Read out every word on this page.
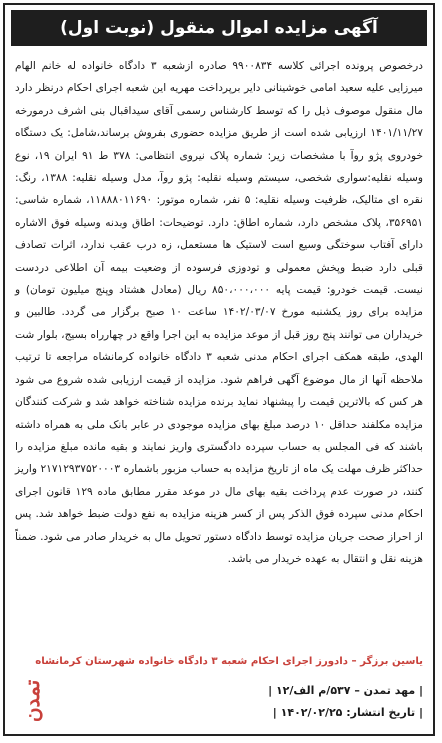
آگهی مزایده اموال منقول (نوبت اول)

درخصوص پرونده اجرائی کلاسه ۹۹۰۰۸۳۴ صادره ازشعبه ۳ دادگاه خانواده له خانم الهام میرزایی علیه سعید امامی خوشینانی دایر برپرداخت مهریه این شعبه اجرای احکام درنظر دارد مال منقول موصوف ذیل را که توسط کارشناس رسمی آقای سیداقبال بنی اشرف درمورخه ۱۴۰۱/۱۱/۲۷ ارزیابی شده است از طریق مزایده حضوری بفروش برساند،شامل: یک دستگاه خودروی پژو روآ با مشخصات زیر: شماره پلاک نیروی انتظامی: ۳۷۸ ط ۹۱ ایران ۱۹، نوع وسیله نقلیه:سواری شخصی، سیستم وسیله نقلیه: پژو روآ، مدل وسیله نقلیه: ۱۳۸۸، رنگ: نقره ای متالیک، ظرفیت وسیله نقلیه: ۵ نفر، شماره موتور: ۱۱۸۸۸۰۱۱۶۹۰، شماره شاسی: ۳۵۶۹۵۱، پلاک مشخص دارد، شماره اطاق: دارد. توضیحات: اطاق وبدنه وسیله فوق الاشاره دارای آفتاب سوختگی وسیع است لاستیک ها مستعمل، زه درب عقب ندارد، اثرات تصادف قبلی دارد ضبط وپخش معمولی و تودوزی فرسوده از وضعیت بیمه آن اطلاعی دردست نیست. قیمت خودرو: قیمت پایه ۸۵۰،۰۰۰،۰۰۰ ریال (معادل هشتاد وپنج میلیون تومان) و مزایده برای روز یکشنبه مورخ ۱۴۰۲/۰۳/۰۷ ساعت ۱۰ صبح برگزار می گردد. طالبین و خریداران می توانند پنج روز قبل از موعد مزایده به این اجرا واقع در چهارراه بسیج، بلوار شت الهدی، طبقه همکف اجرای احکام مدنی شعبه ۳ دادگاه خانواده کرمانشاه مراجعه تا ترتیب ملاحظه آنها از مال موضوع آگهی فراهم شود. مزایده از قیمت ارزیابی شده شروع می شود هر کس که بالاترین قیمت را پیشنهاد نماید برنده مزایده شناخته خواهد شد و شرکت کنندگان مزایده مکلفند حداقل ۱۰ درصد مبلغ بهای مزایده موجودی در عابر بانک ملی به همراه داشته باشند که فی المجلس به حساب سپرده دادگستری واریز نمایند و بقیه مانده مبلغ مزایده را حداکثر ظرف مهلت یک ماه از تاریخ مزایده به حساب مزبور باشماره ۲۱۷۱۲۹۳۷۵۲۰۰۰۳ واریز کنند، در صورت عدم پرداخت بقیه بهای مال در موعد مقرر مطابق ماده ۱۲۹ قانون اجرای احکام مدنی سپرده فوق الذکر پس از کسر هزینه مزایده به نفع دولت ضبط خواهد شد. پس از احراز صحت جریان مزایده توسط دادگاه دستور تحویل مال به خریدار صادر می شود. ضمناً هزینه نقل و انتقال به عهده خریدار می باشد.

یاسین برزگر – دادورز اجرای احکام شعبه ۳ دادگاه خانواده شهرستان کرمانشاه
| مهد تمدن – ۵۳۷/م الف/۱۲ |
| تاریخ انتشار: ۱۴۰۲/۰۲/۲۵ |
تمدن
